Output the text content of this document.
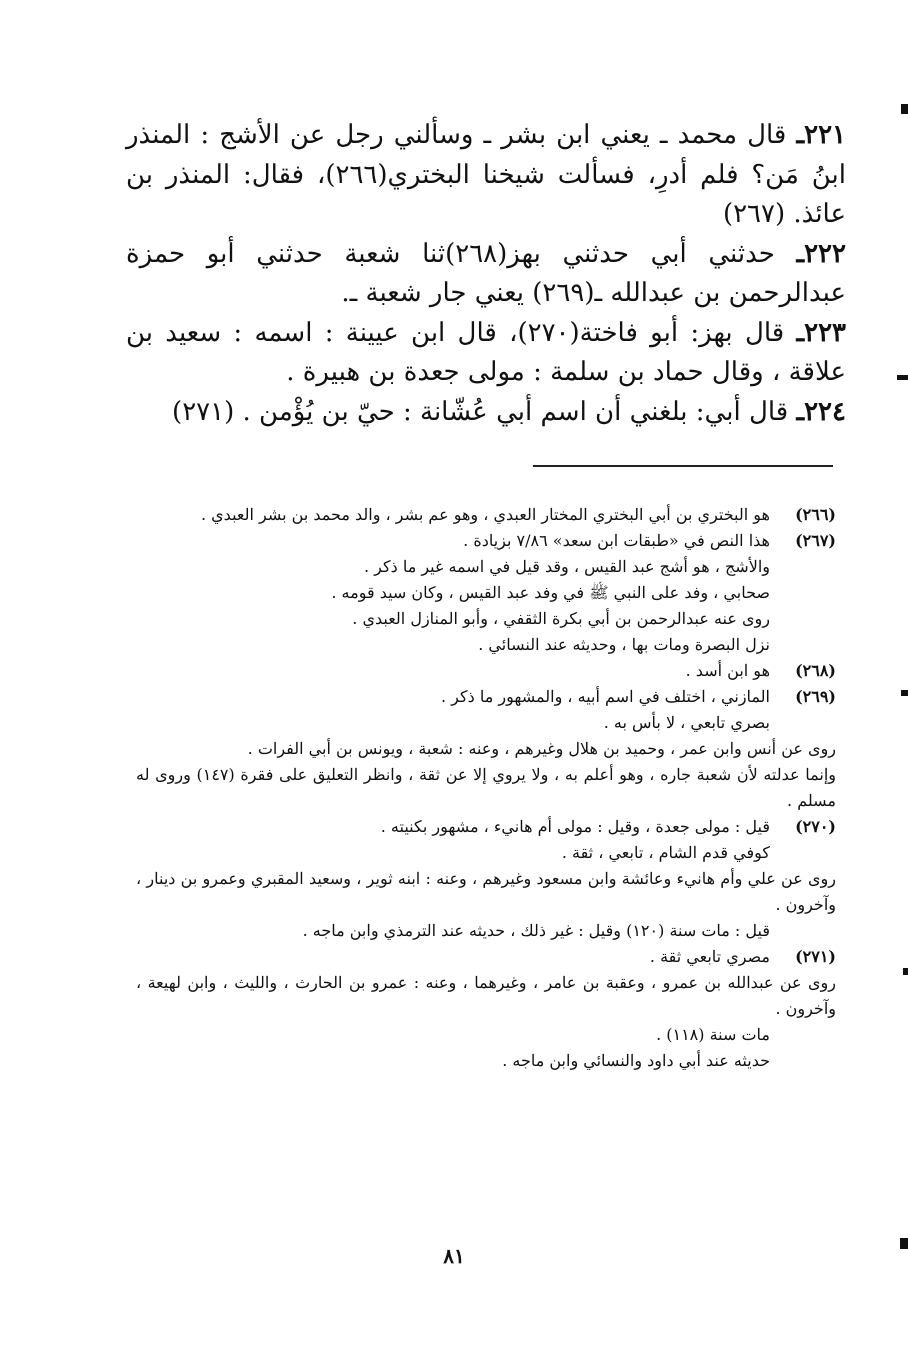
٢٢١ـ قال محمد ـ يعني ابن بشر ـ وسألني رجل عن الأشج : المنذر ابنُ مَن؟ فلم أدرِ، فسألت شيخنا البختري(٢٦٦)، فقال: المنذر بن عائذ. (٢٦٧)

٢٢٢ـ حدثني أبي حدثني بهز(٢٦٨)ثنا شعبة حدثني أبو حمزة عبدالرحمن بن عبدالله ـ(٢٦٩) يعني جار شعبة ـ.

٢٢٣ـ قال بهز: أبو فاختة(٢٧٠)، قال ابن عيينة : اسمه : سعيد بن علاقة ، وقال حماد بن سلمة : مولى جعدة بن هبيرة .

٢٢٤ـ قال أبي: بلغني أن اسم أبي عُشّانة : حيّ بن يُؤْمن . (٢٧١)

(٢٦٦)
هو البختري بن أبي البختري المختار العبدي ، وهو عم بشر ، والد محمد بن بشر العبدي .
(٢٦٧)
هذا النص في «طبقات ابن سعد» ٧/٨٦ بزيادة .
والأشج ، هو أشج عبد القيس ، وقد قيل في اسمه غير ما ذكر .
صحابي ، وفد على النبي ﷺ في وفد عبد القيس ، وكان سيد قومه .
روى عنه عبدالرحمن بن أبي بكرة الثقفي ، وأبو المنازل العبدي .
نزل البصرة ومات بها ، وحديثه عند النسائي .
(٢٦٨)
هو ابن أسد .
(٢٦٩)
المازني ، اختلف في اسم أبيه ، والمشهور ما ذكر .
بصري تابعي ، لا بأس به .
روى عن أنس وابن عمر ، وحميد بن هلال وغيرهم ، وعنه : شعبة ، ويونس بن أبي الفرات .
وإنما عدلته لأن شعبة جاره ، وهو أعلم به ، ولا يروي إلا عن ثقة ، وانظر التعليق على فقرة (١٤٧) وروى له مسلم .
(٢٧٠)
قيل : مولى جعدة ، وقيل : مولى أم هانيء ، مشهور بكنيته .
كوفي قدم الشام ، تابعي ، ثقة .
روى عن علي وأم هانيء وعائشة وابن مسعود وغيرهم ، وعنه : ابنه ثوير ، وسعيد المقبري وعمرو بن دينار ، وآخرون .
قيل : مات سنة (١٢٠) وقيل : غير ذلك ، حديثه عند الترمذي وابن ماجه .
(٢٧١)
مصري تابعي ثقة .
روى عن عبدالله بن عمرو ، وعقبة بن عامر ، وغيرهما ، وعنه : عمرو بن الحارث ، والليث ، وابن لهيعة ، وآخرون .
مات سنة (١١٨) .
حديثه عند أبي داود والنسائي وابن ماجه .
٨١
